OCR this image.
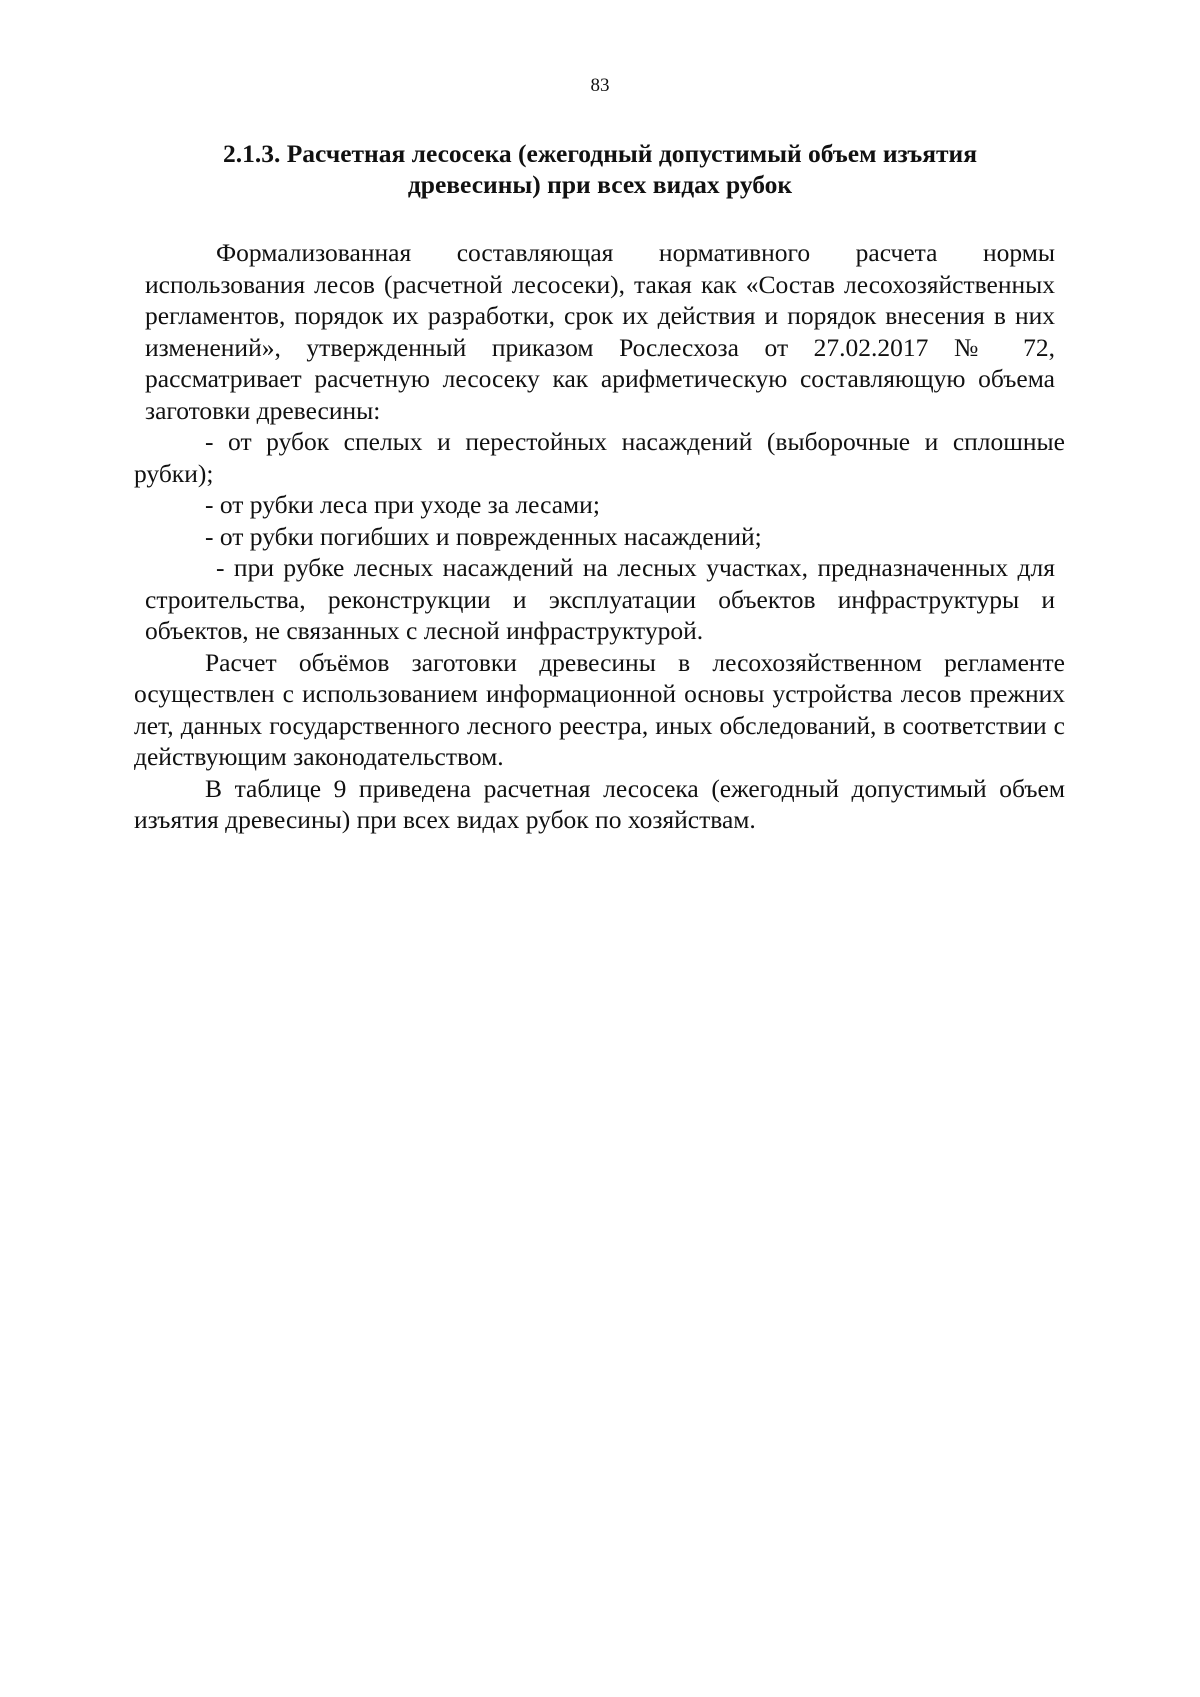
83
2.1.3. Расчетная лесосека (ежегодный допустимый объем изъятия
древесины) при всех видах рубок

Формализованная составляющая нормативного расчета нормы использования лесов (расчетной лесосеки), такая как «Состав лесохозяйственных регламентов, порядок их разработки, срок их действия и порядок внесения в них изменений», утвержденный приказом Рослесхоза от 27.02.2017 № 72, рассматривает расчетную лесосеку как арифметическую составляющую объема заготовки древесины:

- от рубок спелых и перестойных насаждений (выборочные и сплошные рубки);

- от рубки леса при уходе за лесами;

- от рубки погибших и поврежденных насаждений;

- при рубке лесных насаждений на лесных участках, предназначенных для строительства, реконструкции и эксплуатации объектов инфраструктуры и объектов, не связанных с лесной инфраструктурой.

Расчет объёмов заготовки древесины в лесохозяйственном регламенте осуществлен с использованием информационной основы устройства лесов прежних лет, данных государственного лесного реестра, иных обследований, в соответствии с действующим законодательством.

В таблице 9 приведена расчетная лесосека (ежегодный допустимый объем изъятия древесины) при всех видах рубок по хозяйствам.
